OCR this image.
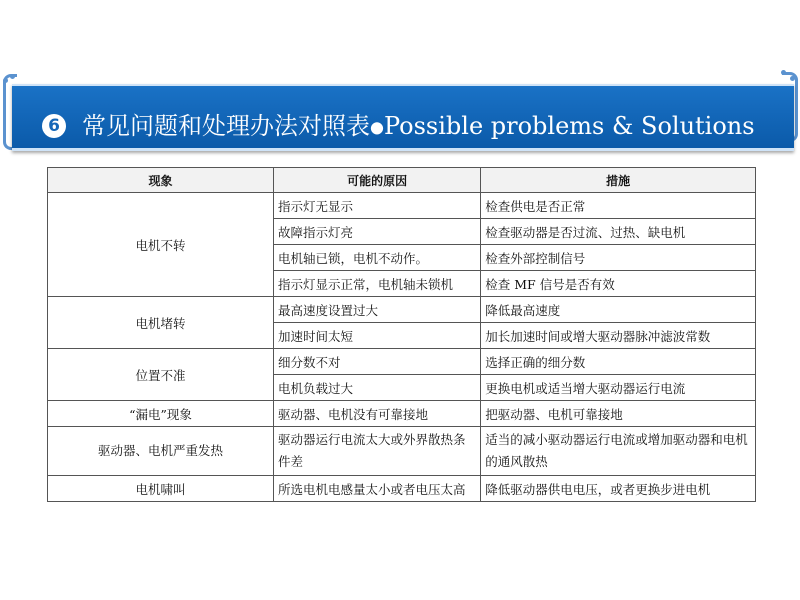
6 常见问题和处理办法对照表●Possible problems & Solutions
现象	可能的原因	措施
电机不转	指示灯无显示	检查供电是否正常
	故障指示灯亮	检查驱动器是否过流、过热、缺电机
	电机轴已锁，电机不动作。	检查外部控制信号
	指示灯显示正常，电机轴未锁机	检查 MF 信号是否有效
电机堵转	最高速度设置过大	降低最高速度
	加速时间太短	加长加速时间或增大驱动器脉冲滤波常数
位置不准	细分数不对	选择正确的细分数
	电机负载过大	更换电机或适当增大驱动器运行电流
“漏电”现象	驱动器、电机没有可靠接地	把驱动器、电机可靠接地
驱动器、电机严重发热	驱动器运行电流太大或外界散热条件差	适当的减小驱动器运行电流或增加驱动器和电机的通风散热
电机啸叫	所选电机电感量太小或者电压太高	降低驱动器供电电压，或者更换步进电机
